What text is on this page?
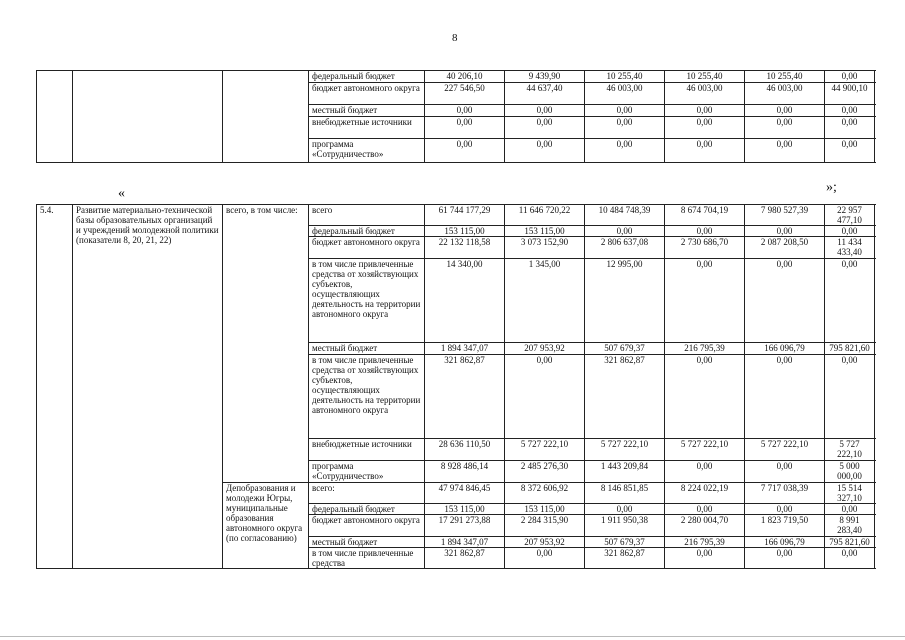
8
			федеральный бюджет	40 206,10	9 439,90	10 255,40	10 255,40	10 255,40	0,00
			бюджет автономного округа	227 546,50	44 637,40	46 003,00	46 003,00	46 003,00	44 900,10
			местный бюджет	0,00	0,00	0,00	0,00	0,00	0,00
			внебюджетные источники	0,00	0,00	0,00	0,00	0,00	0,00
			программа «Сотрудничество»	0,00	0,00	0,00	0,00	0,00	0,00
«	»;
5.4.	Развитие материально-технической базы образовательных организаций и учреждений молодежной политики (показатели 8, 20, 21, 22)	всего, в том числе:	всего	61 744 177,29	11 646 720,22	10 484 748,39	8 674 704,19	7 980 527,39	22 957 477,10
			федеральный бюджет	153 115,00	153 115,00	0,00	0,00	0,00	0,00
			бюджет автономного округа	22 132 118,58	3 073 152,90	2 806 637,08	2 730 686,70	2 087 208,50	11 434 433,40
			в том числе привлеченные средства от хозяйствующих субъектов, осуществляющих деятельность на территории автономного округа	14 340,00	1 345,00	12 995,00	0,00	0,00	0,00
			местный бюджет	1 894 347,07	207 953,92	507 679,37	216 795,39	166 096,79	795 821,60
			в том числе привлеченные средства от хозяйствующих субъектов, осуществляющих деятельность на территории автономного округа	321 862,87	0,00	321 862,87	0,00	0,00	0,00
			внебюджетные источники	28 636 110,50	5 727 222,10	5 727 222,10	5 727 222,10	5 727 222,10	5 727 222,10
			программа «Сотрудничество»	8 928 486,14	2 485 276,30	1 443 209,84	0,00	0,00	5 000 000,00
		Депобразования и молодежи Югры, муниципальные образования автономного округа (по согласованию)	всего:	47 974 846,45	8 372 606,92	8 146 851,85	8 224 022,19	7 717 038,39	15 514 327,10
			федеральный бюджет	153 115,00	153 115,00	0,00	0,00	0,00	0,00
			бюджет автономного округа	17 291 273,88	2 284 315,90	1 911 950,38	2 280 004,70	1 823 719,50	8 991 283,40
			местный бюджет	1 894 347,07	207 953,92	507 679,37	216 795,39	166 096,79	795 821,60
			в том числе привлеченные средства	321 862,87	0,00	321 862,87	0,00	0,00	0,00
